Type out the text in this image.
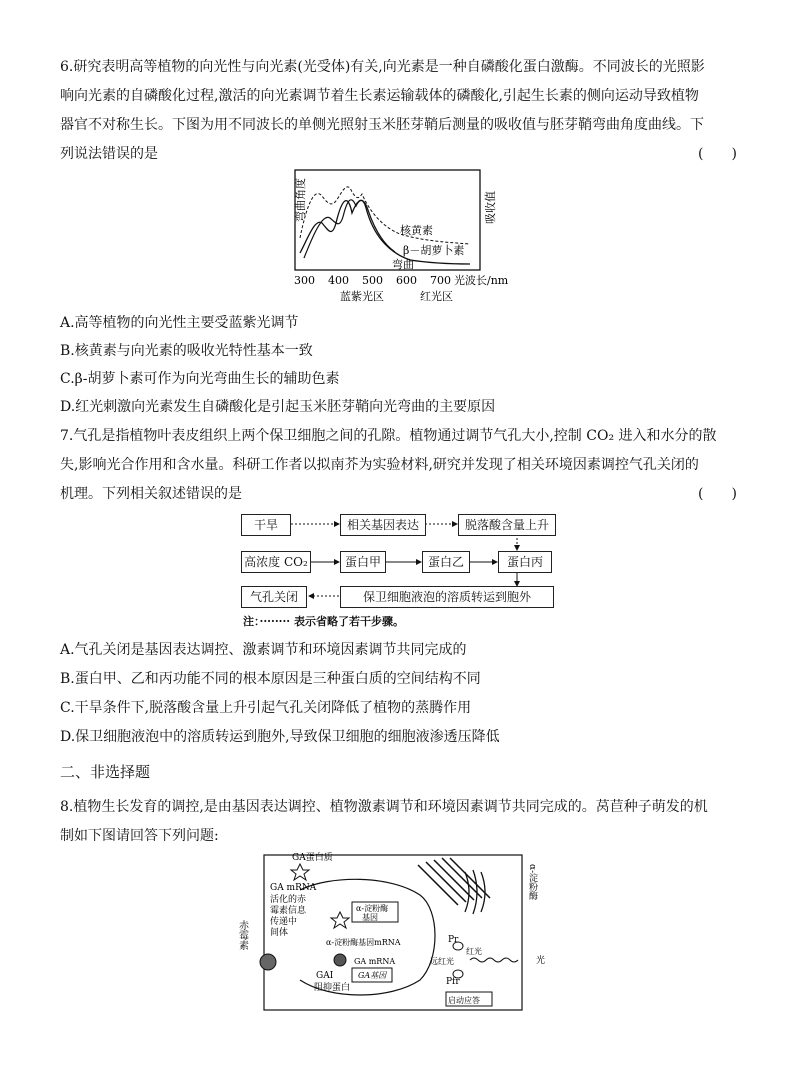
6.研究表明高等植物的向光性与向光素(光受体)有关,向光素是一种自磷酸化蛋白激酶。不同波长的光照影
响向光素的自磷酸化过程,激活的向光素调节着生长素运输载体的磷酸化,引起生长素的侧向运动导致植物
器官不对称生长。下图为用不同波长的单侧光照射玉米胚芽鞘后测量的吸收值与胚芽鞘弯曲角度曲线。下
列说法错误的是	(　　)
弯曲角度	吸收值
核黄素
β－胡萝卜素
弯曲
300 400 500 600 700 光波长/nm
蓝紫光区	红光区
A.高等植物的向光性主要受蓝紫光调节
B.核黄素与向光素的吸收光特性基本一致
C.β-胡萝卜素可作为向光弯曲生长的辅助色素
D.红光刺激向光素发生自磷酸化是引起玉米胚芽鞘向光弯曲的主要原因
7.气孔是指植物叶表皮组织上两个保卫细胞之间的孔隙。植物通过调节气孔大小,控制 CO₂ 进入和水分的散
失,影响光合作用和含水量。科研工作者以拟南芥为实验材料,研究并发现了相关环境因素调控气孔关闭的
机理。下列相关叙述错误的是	(　　)
干旱	相关基因表达	脱落酸含量上升
高浓度 CO₂	蛋白甲	蛋白乙	蛋白丙
气孔关闭	保卫细胞液泡的溶质转运到胞外
注：········ 表示省略了若干步骤。
A.气孔关闭是基因表达调控、激素调节和环境因素调节共同完成的
B.蛋白甲、乙和丙功能不同的根本原因是三种蛋白质的空间结构不同
C.干旱条件下,脱落酸含量上升引起气孔关闭降低了植物的蒸腾作用
D.保卫细胞液泡中的溶质转运到胞外,导致保卫细胞的细胞液渗透压降低
二、非选择题
8.植物生长发育的调控,是由基因表达调控、植物激素调节和环境因素调节共同完成的。莴苣种子萌发的机
制如下图请回答下列问题:
GA蛋白质
GA mRNA
活化的赤
霉素信息
传递中
间体
α-淀粉酶
基因
α-淀粉酶基因mRNA
GA mRNA
GA基因
GAI
阻抑蛋白
赤霉素
α-淀粉酶
Pr
Pfr
远红光
红光
光
启动应答
